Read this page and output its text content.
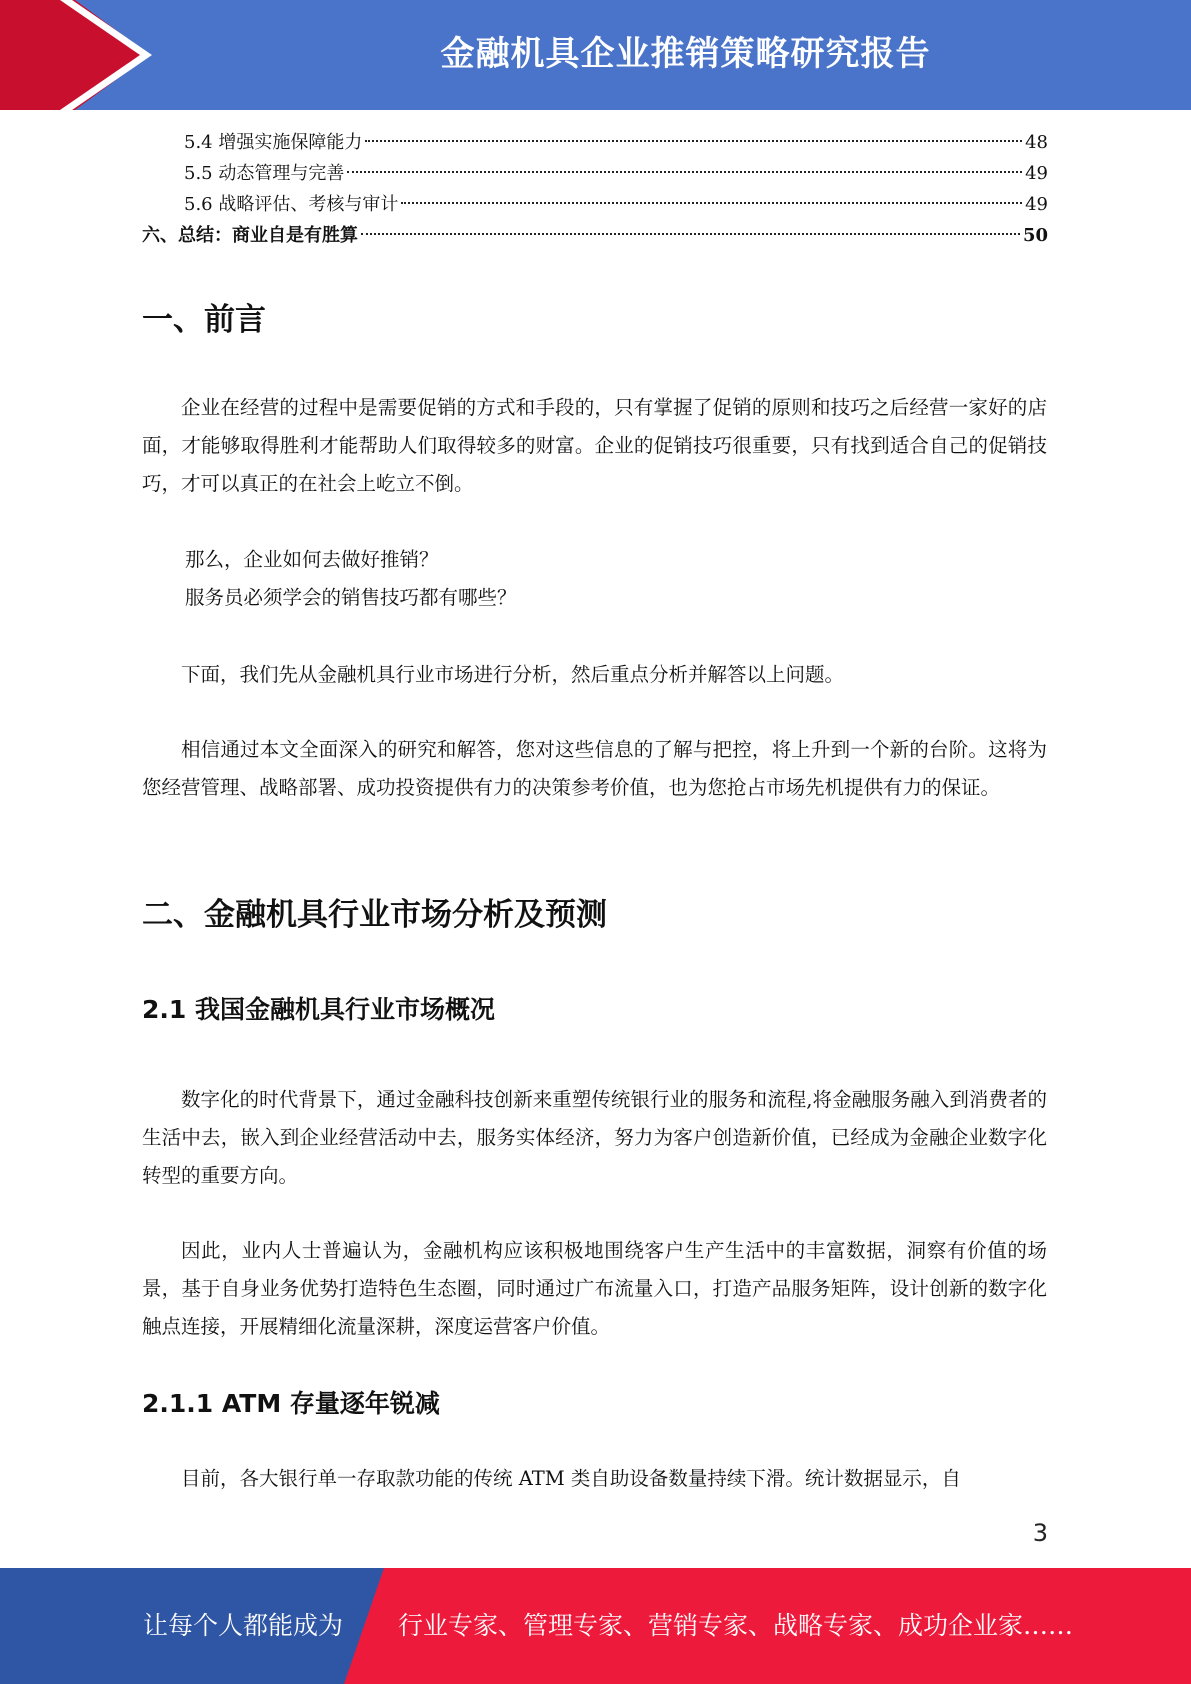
金融机具企业推销策略研究报告
5.4 增强实施保障能力	48
5.5 动态管理与完善	49
5.6 战略评估、考核与审计	49
六、总结：商业自是有胜算	50
一、前言

企业在经营的过程中是需要促销的方式和手段的，只有掌握了促销的原则和技巧之后经营一家好的店面，才能够取得胜利才能帮助人们取得较多的财富。企业的促销技巧很重要，只有找到适合自己的促销技巧，才可以真正的在社会上屹立不倒。

那么，企业如何去做好推销？

服务员必须学会的销售技巧都有哪些？

下面，我们先从金融机具行业市场进行分析，然后重点分析并解答以上问题。

相信通过本文全面深入的研究和解答，您对这些信息的了解与把控，将上升到一个新的台阶。这将为您经营管理、战略部署、成功投资提供有力的决策参考价值，也为您抢占市场先机提供有力的保证。

二、金融机具行业市场分析及预测
2.1 我国金融机具行业市场概况

数字化的时代背景下，通过金融科技创新来重塑传统银行业的服务和流程,将金融服务融入到消费者的生活中去，嵌入到企业经营活动中去，服务实体经济，努力为客户创造新价值，已经成为金融企业数字化转型的重要方向。

因此，业内人士普遍认为，金融机构应该积极地围绕客户生产生活中的丰富数据，洞察有价值的场景，基于自身业务优势打造特色生态圈，同时通过广布流量入口，打造产品服务矩阵，设计创新的数字化触点连接，开展精细化流量深耕，深度运营客户价值。

2.1.1 ATM 存量逐年锐减

目前，各大银行单一存取款功能的传统 ATM 类自助设备数量持续下滑。统计数据显示，自

3
让每个人都能成为 行业专家、管理专家、营销专家、战略专家、成功企业家……
